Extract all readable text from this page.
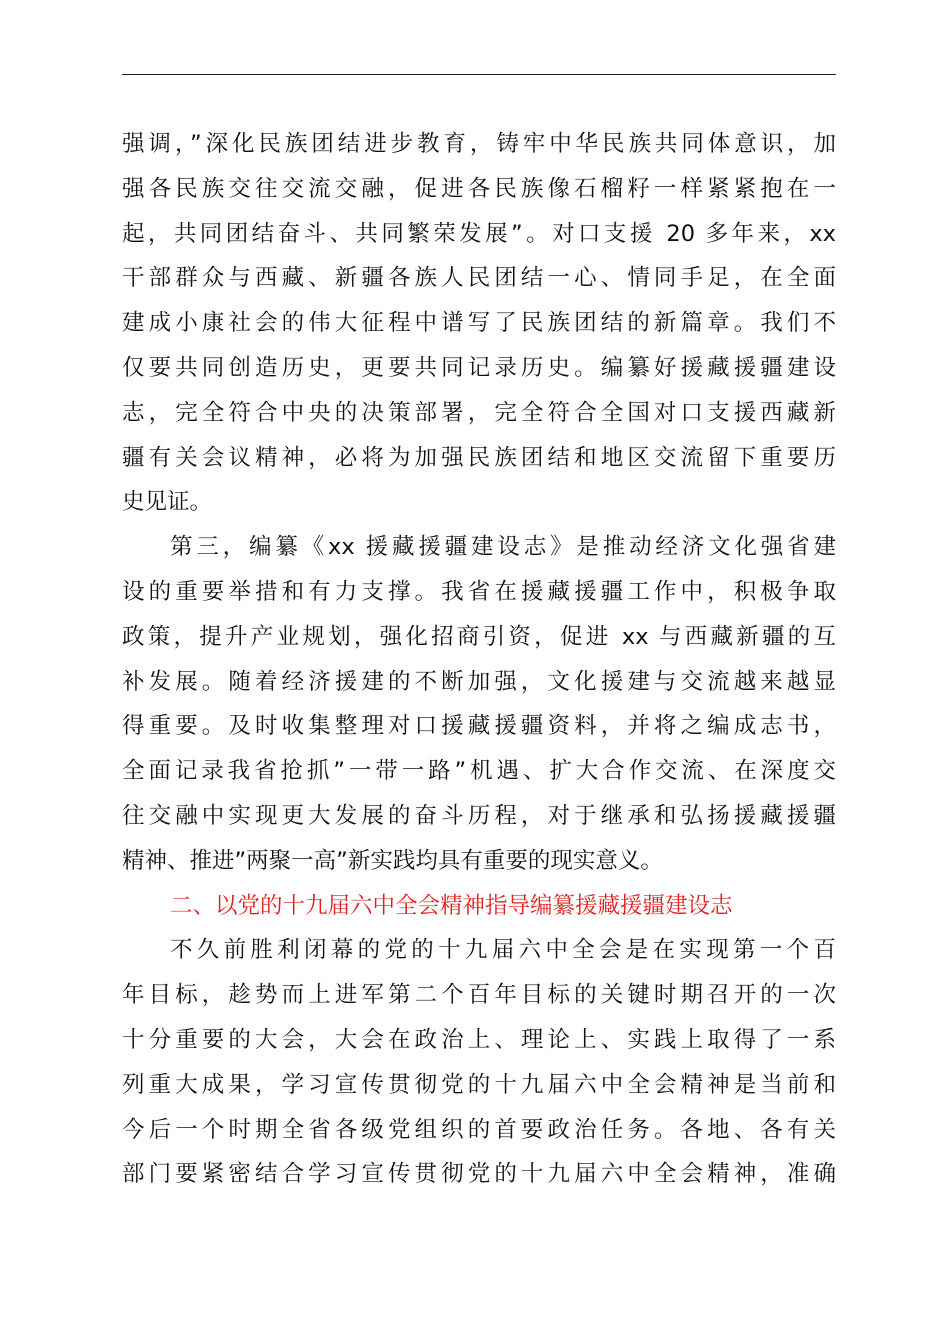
强调，”深化民族团结进步教育，铸牢中华民族共同体意识，加
强各民族交往交流交融，促进各民族像石榴籽一样紧紧抱在一
起，共同团结奋斗、共同繁荣发展”。对口支援 20 多年来，xx
干部群众与西藏、新疆各族人民团结一心、情同手足，在全面
建成小康社会的伟大征程中谱写了民族团结的新篇章。我们不
仅要共同创造历史，更要共同记录历史。编纂好援藏援疆建设
志，完全符合中央的决策部署，完全符合全国对口支援西藏新
疆有关会议精神，必将为加强民族团结和地区交流留下重要历
史见证。
第三，编纂《xx 援藏援疆建设志》是推动经济文化强省建
设的重要举措和有力支撑。我省在援藏援疆工作中，积极争取
政策，提升产业规划，强化招商引资，促进 xx 与西藏新疆的互
补发展。随着经济援建的不断加强，文化援建与交流越来越显
得重要。及时收集整理对口援藏援疆资料，并将之编成志书，
全面记录我省抢抓”一带一路”机遇、扩大合作交流、在深度交
往交融中实现更大发展的奋斗历程，对于继承和弘扬援藏援疆
精神、推进”两聚一高”新实践均具有重要的现实意义。
二、以党的十九届六中全会精神指导编纂援藏援疆建设志
不久前胜利闭幕的党的十九届六中全会是在实现第一个百
年目标，趁势而上进军第二个百年目标的关键时期召开的一次
十分重要的大会，大会在政治上、理论上、实践上取得了一系
列重大成果，学习宣传贯彻党的十九届六中全会精神是当前和
今后一个时期全省各级党组织的首要政治任务。各地、各有关
部门要紧密结合学习宣传贯彻党的十九届六中全会精神，准确
